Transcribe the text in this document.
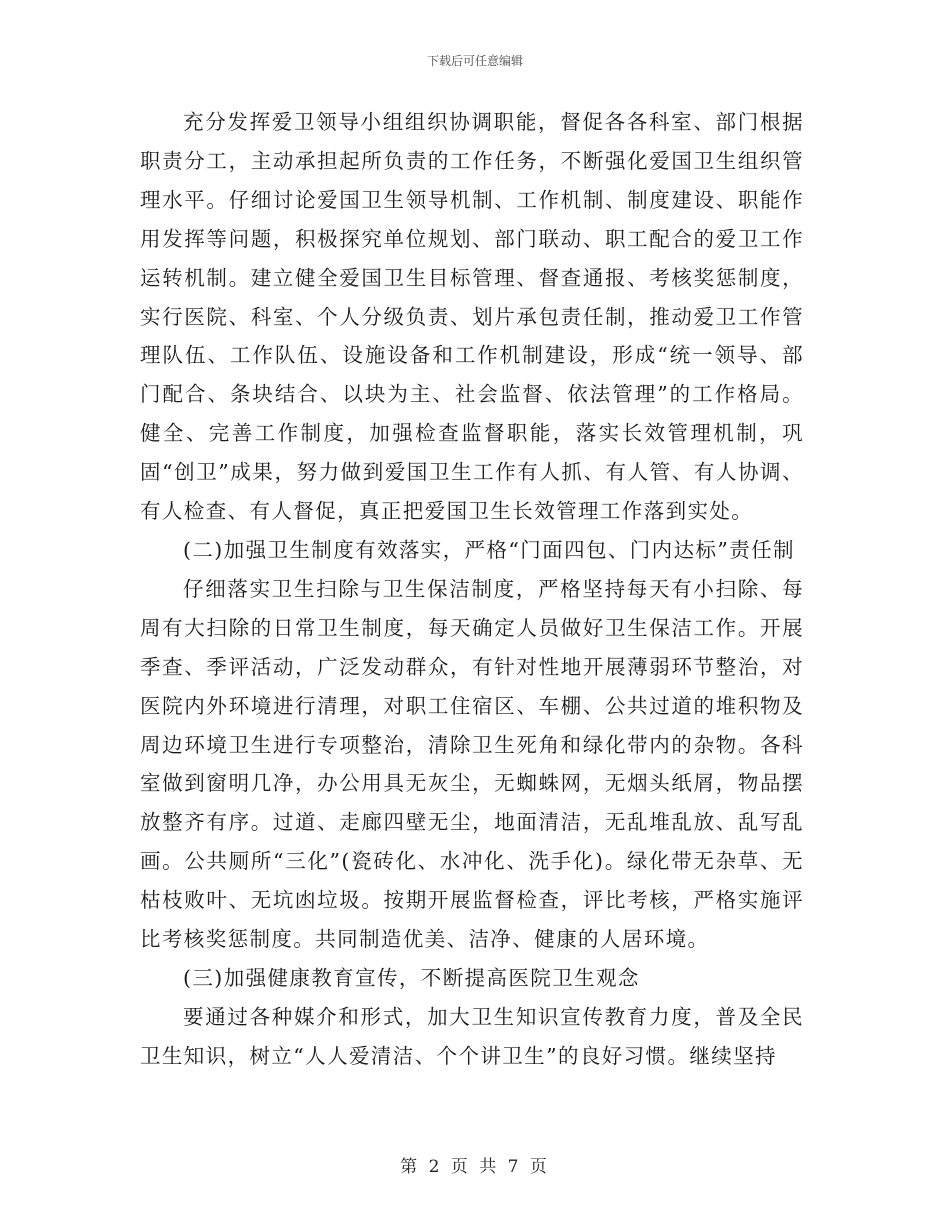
下载后可任意编辑

充分发挥爱卫领导小组组织协调职能，督促各各科室、部门根据职责分工，主动承担起所负责的工作任务，不断强化爱国卫生组织管理水平。仔细讨论爱国卫生领导机制、工作机制、制度建设、职能作用发挥等问题，积极探究单位规划、部门联动、职工配合的爱卫工作运转机制。建立健全爱国卫生目标管理、督查通报、考核奖惩制度，实行医院、科室、个人分级负责、划片承包责任制，推动爱卫工作管理队伍、工作队伍、设施设备和工作机制建设，形成“统一领导、部门配合、条块结合、以块为主、社会监督、依法管理”的工作格局。健全、完善工作制度，加强检查监督职能，落实长效管理机制，巩固“创卫”成果，努力做到爱国卫生工作有人抓、有人管、有人协调、有人检查、有人督促，真正把爱国卫生长效管理工作落到实处。

(二)加强卫生制度有效落实，严格“门面四包、门内达标”责任制

仔细落实卫生扫除与卫生保洁制度，严格坚持每天有小扫除、每周有大扫除的日常卫生制度，每天确定人员做好卫生保洁工作。开展季查、季评活动，广泛发动群众，有针对性地开展薄弱环节整治，对医院内外环境进行清理，对职工住宿区、车棚、公共过道的堆积物及周边环境卫生进行专项整治，清除卫生死角和绿化带内的杂物。各科室做到窗明几净，办公用具无灰尘，无蜘蛛网，无烟头纸屑，物品摆放整齐有序。过道、走廊四壁无尘，地面清洁，无乱堆乱放、乱写乱画。公共厕所“三化”(瓷砖化、水冲化、洗手化)。绿化带无杂草、无枯枝败叶、无坑凼垃圾。按期开展监督检查，评比考核，严格实施评比考核奖惩制度。共同制造优美、洁净、健康的人居环境。

(三)加强健康教育宣传，不断提高医院卫生观念

要通过各种媒介和形式，加大卫生知识宣传教育力度，普及全民卫生知识，树立“人人爱清洁、个个讲卫生”的良好习惯。继续坚持

第 2 页 共 7 页
